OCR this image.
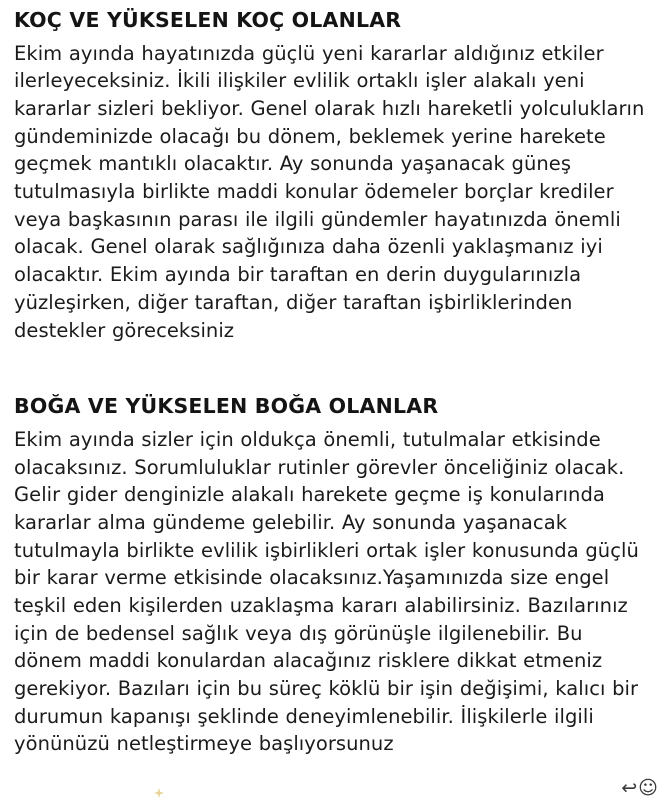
KOÇ VE YÜKSELEN KOÇ OLANLAR

Ekim ayında hayatınızda güçlü yeni kararlar aldığınız etkiler ilerleyeceksiniz. İkili ilişkiler evlilik ortaklı işler alakalı yeni kararlar sizleri bekliyor. Genel olarak hızlı hareketli yolculukların gündeminizde olacağı bu dönem, beklemek yerine harekete geçmek mantıklı olacaktır. Ay sonunda yaşanacak güneş tutulmasıyla birlikte maddi konular ödemeler borçlar krediler veya başkasının parası ile ilgili gündemler hayatınızda önemli olacak. Genel olarak sağlığınıza daha özenli yaklaşmanız iyi olacaktır. Ekim ayında bir taraftan en derin duygularınızla yüzleşirken, diğer taraftan, diğer taraftan işbirliklerinden destekler göreceksiniz

BOĞA VE YÜKSELEN BOĞA OLANLAR

Ekim ayında sizler için oldukça önemli, tutulmalar etkisinde olacaksınız. Sorumluluklar rutinler görevler önceliğiniz olacak. Gelir gider denginizle alakalı harekete geçme iş konularında kararlar alma gündeme gelebilir. Ay sonunda yaşanacak tutulmayla birlikte evlilik işbirlikleri ortak işler konusunda güçlü bir karar verme etkisinde olacaksınız.Yaşamınızda size engel teşkil eden kişilerden uzaklaşma kararı alabilirsiniz. Bazılarınız için de bedensel sağlık veya dış görünüşle ilgilenebilir. Bu dönem maddi konulardan alacağınız risklere dikkat etmeniz gerekiyor. Bazıları için bu süreç köklü bir işin değişimi, kalıcı bir durumun kapanışı şeklinde deneyimlenebilir. İlişkilerle ilgili yönünüzü netleştirmeye başlıyorsunuz

↩☺
